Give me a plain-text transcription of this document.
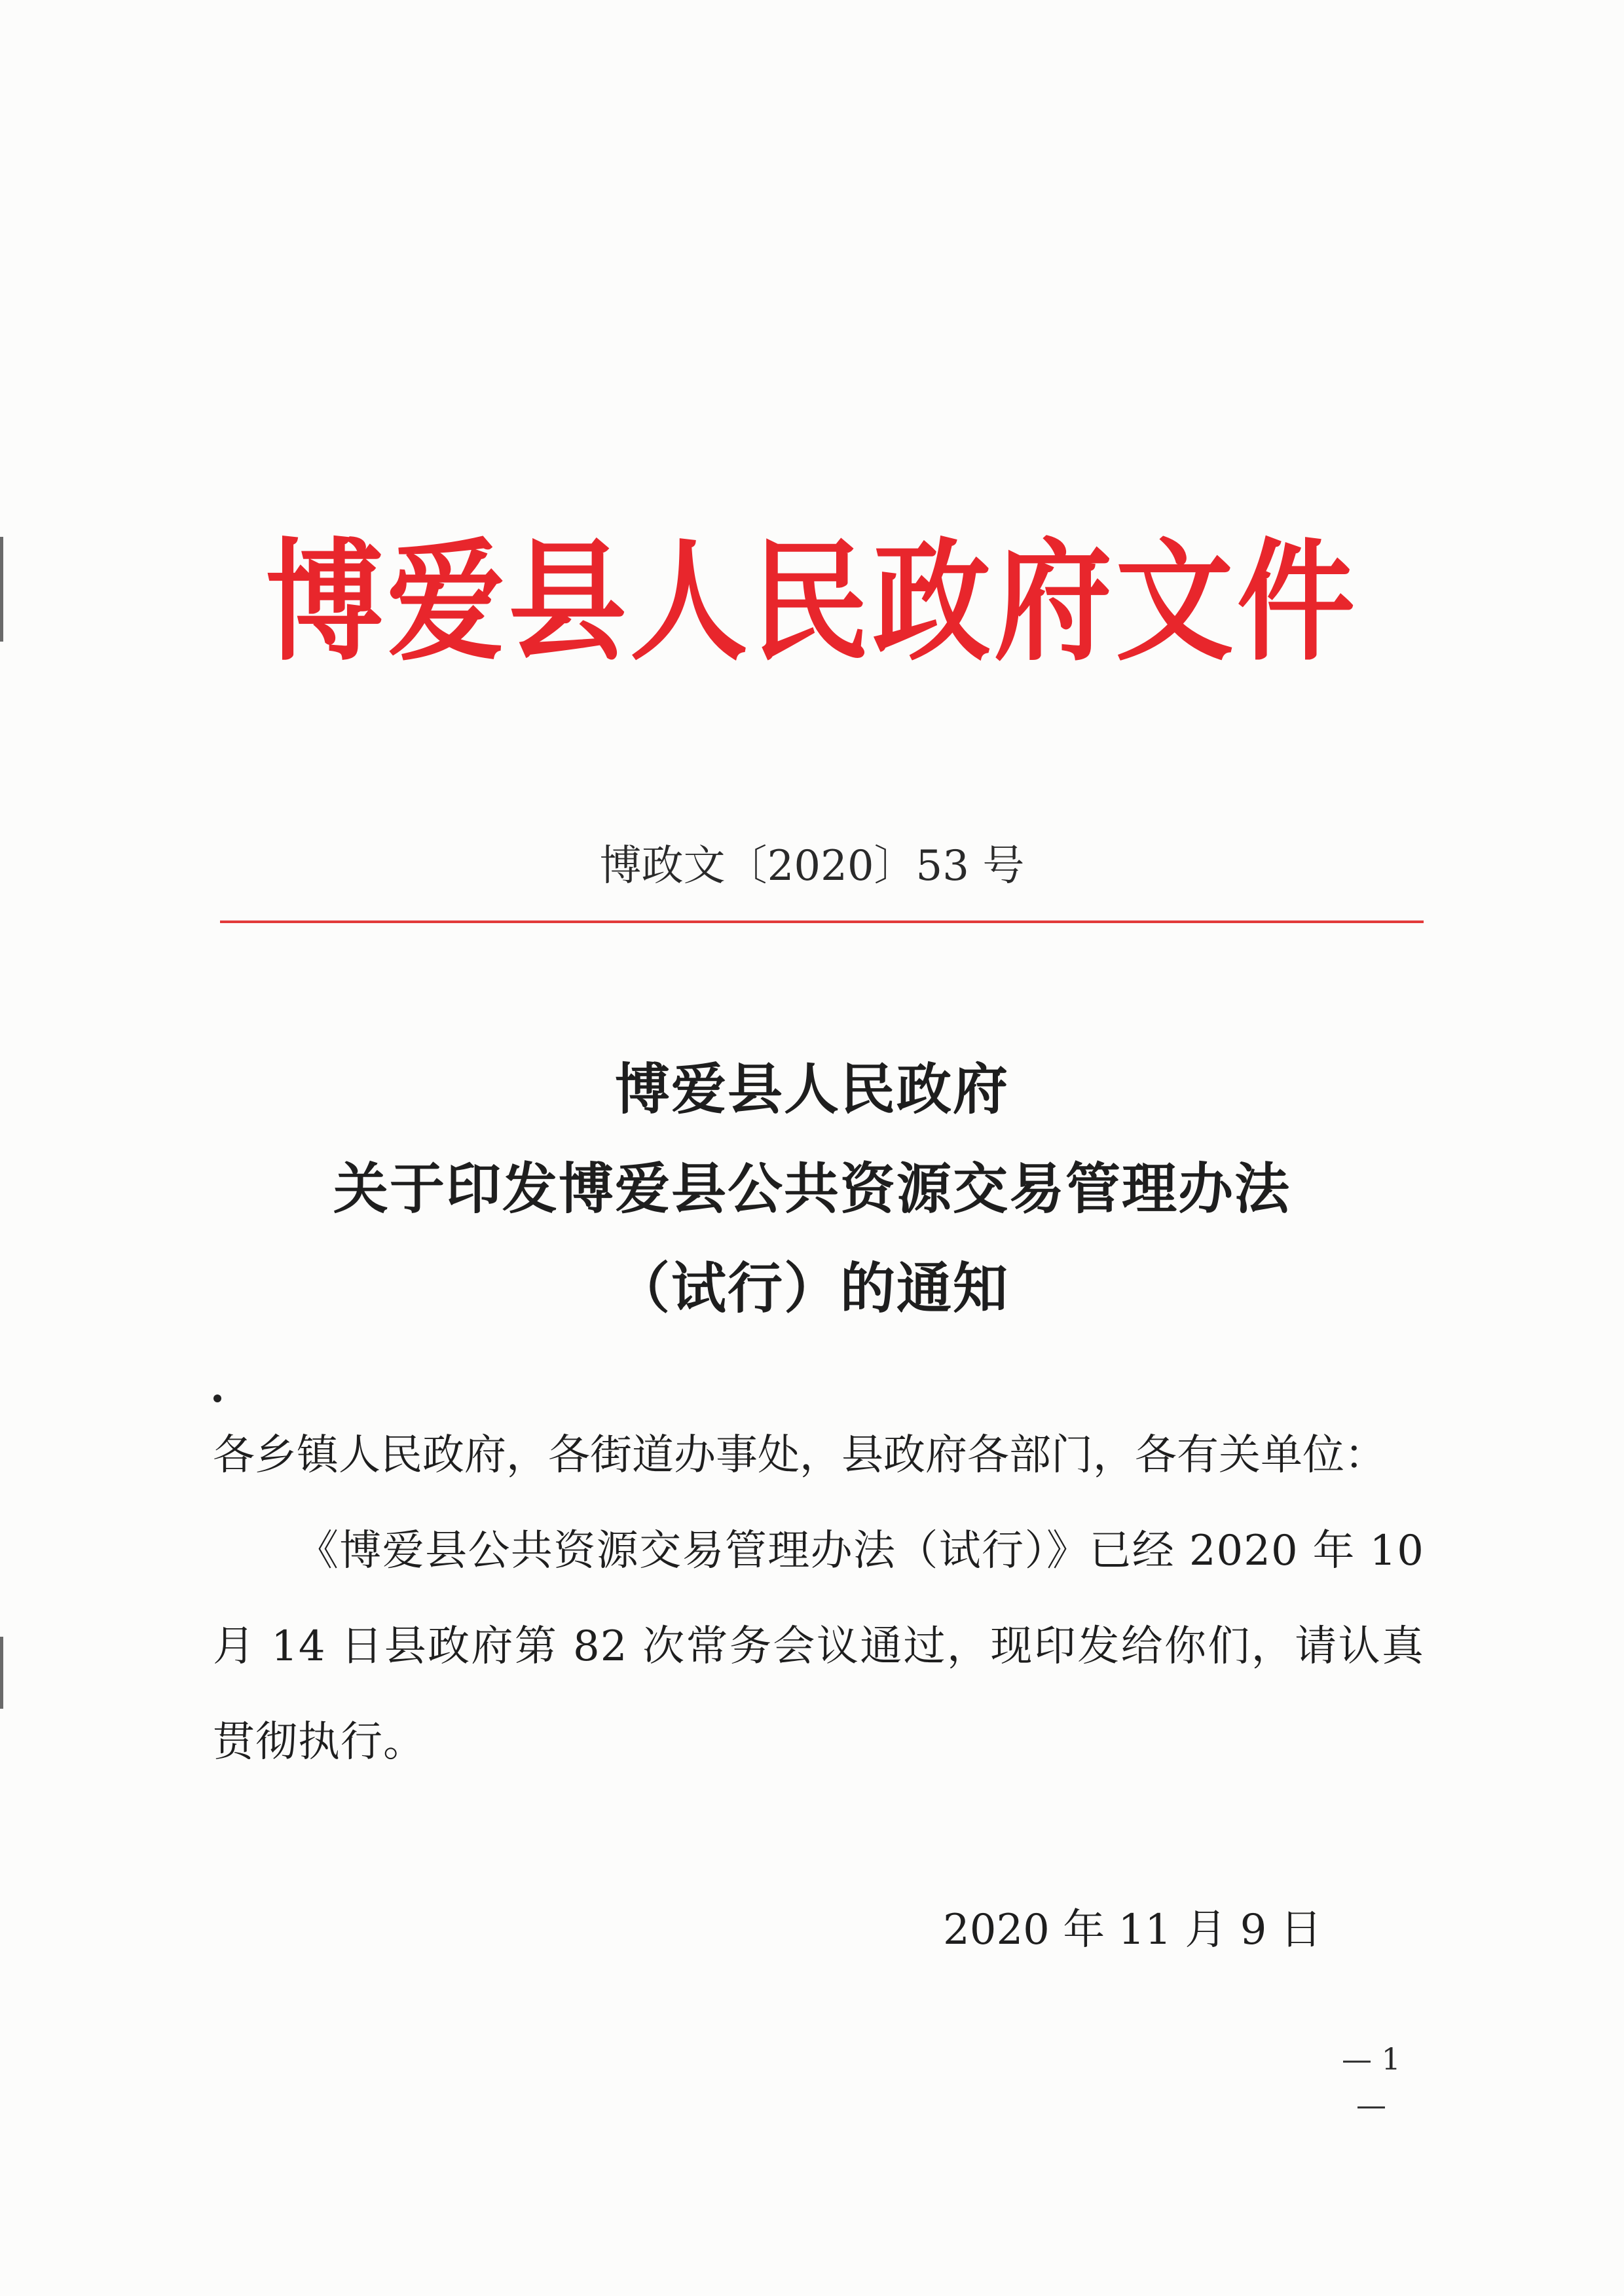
博爱县人民政府文件
博政文〔2020〕53 号
博爱县人民政府
关于印发博爱县公共资源交易管理办法
（试行）的通知
各乡镇人民政府，各街道办事处，县政府各部门，各有关单位：
《博爱县公共资源交易管理办法（试行）》已经 2020 年 10 月 14 日县政府第 82 次常务会议通过，现印发给你们，请认真贯彻执行。
2020 年 11 月 9 日
— 1 —
